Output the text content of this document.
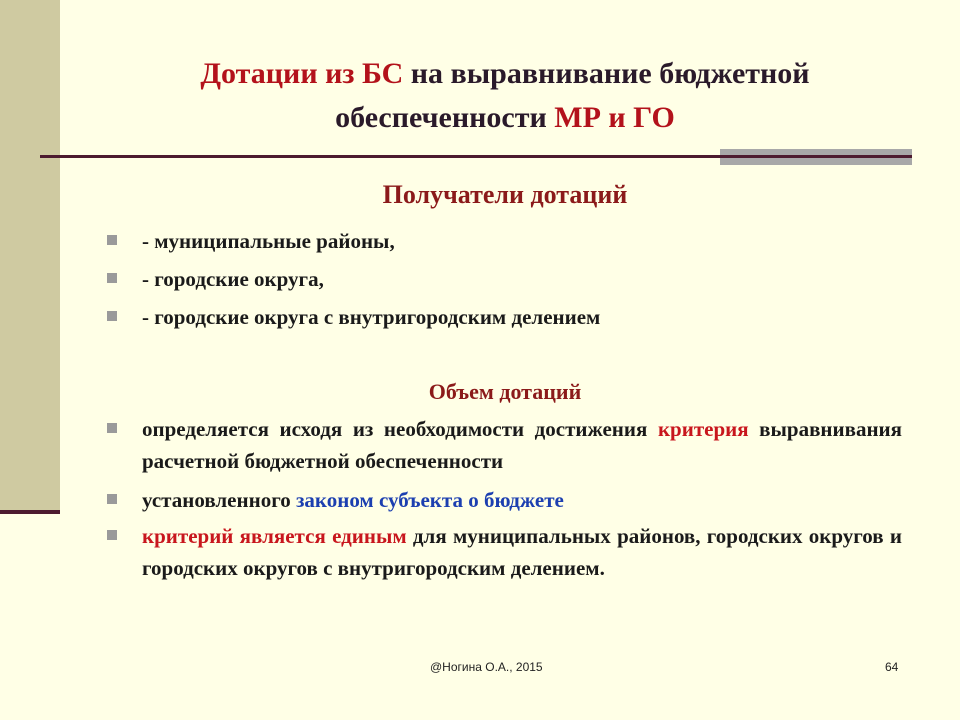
Дотации из БС на выравнивание бюджетной
обеспеченности МР и ГО
Получатели дотаций
- муниципальные районы,
- городские округа,
- городские округа с внутригородским делением
Объем дотаций
определяется исходя из необходимости достижения критерия выравнивания расчетной бюджетной обеспеченности
установленного законом субъекта о бюджете
критерий является единым для муниципальных районов, городских округов и городских округов с внутригородским делением.
@Ногина О.А., 2015	64
